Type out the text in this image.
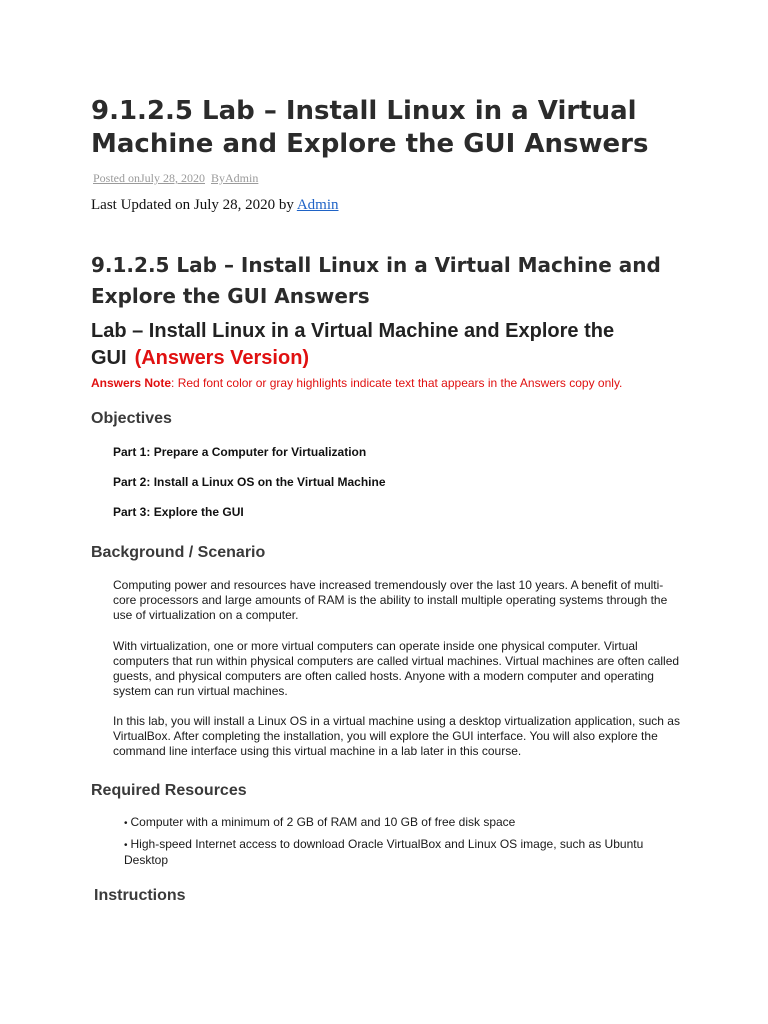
9.1.2.5 Lab – Install Linux in a Virtual Machine and Explore the GUI Answers
Posted onJuly 28, 2020 ByAdmin
Last Updated on July 28, 2020 by Admin
9.1.2.5 Lab – Install Linux in a Virtual Machine and Explore the GUI Answers
Lab – Install Linux in a Virtual Machine and Explore the GUI (Answers Version)
Answers Note: Red font color or gray highlights indicate text that appears in the Answers copy only.
Objectives
Part 1: Prepare a Computer for Virtualization
Part 2: Install a Linux OS on the Virtual Machine
Part 3: Explore the GUI
Background / Scenario

Computing power and resources have increased tremendously over the last 10 years. A benefit of multi-core processors and large amounts of RAM is the ability to install multiple operating systems through the use of virtualization on a computer.

With virtualization, one or more virtual computers can operate inside one physical computer. Virtual computers that run within physical computers are called virtual machines. Virtual machines are often called guests, and physical computers are often called hosts. Anyone with a modern computer and operating system can run virtual machines.

In this lab, you will install a Linux OS in a virtual machine using a desktop virtualization application, such as VirtualBox. After completing the installation, you will explore the GUI interface. You will also explore the command line interface using this virtual machine in a lab later in this course.

Required Resources

• Computer with a minimum of 2 GB of RAM and 10 GB of free disk space

• High-speed Internet access to download Oracle VirtualBox and Linux OS image, such as Ubuntu Desktop

Instructions
